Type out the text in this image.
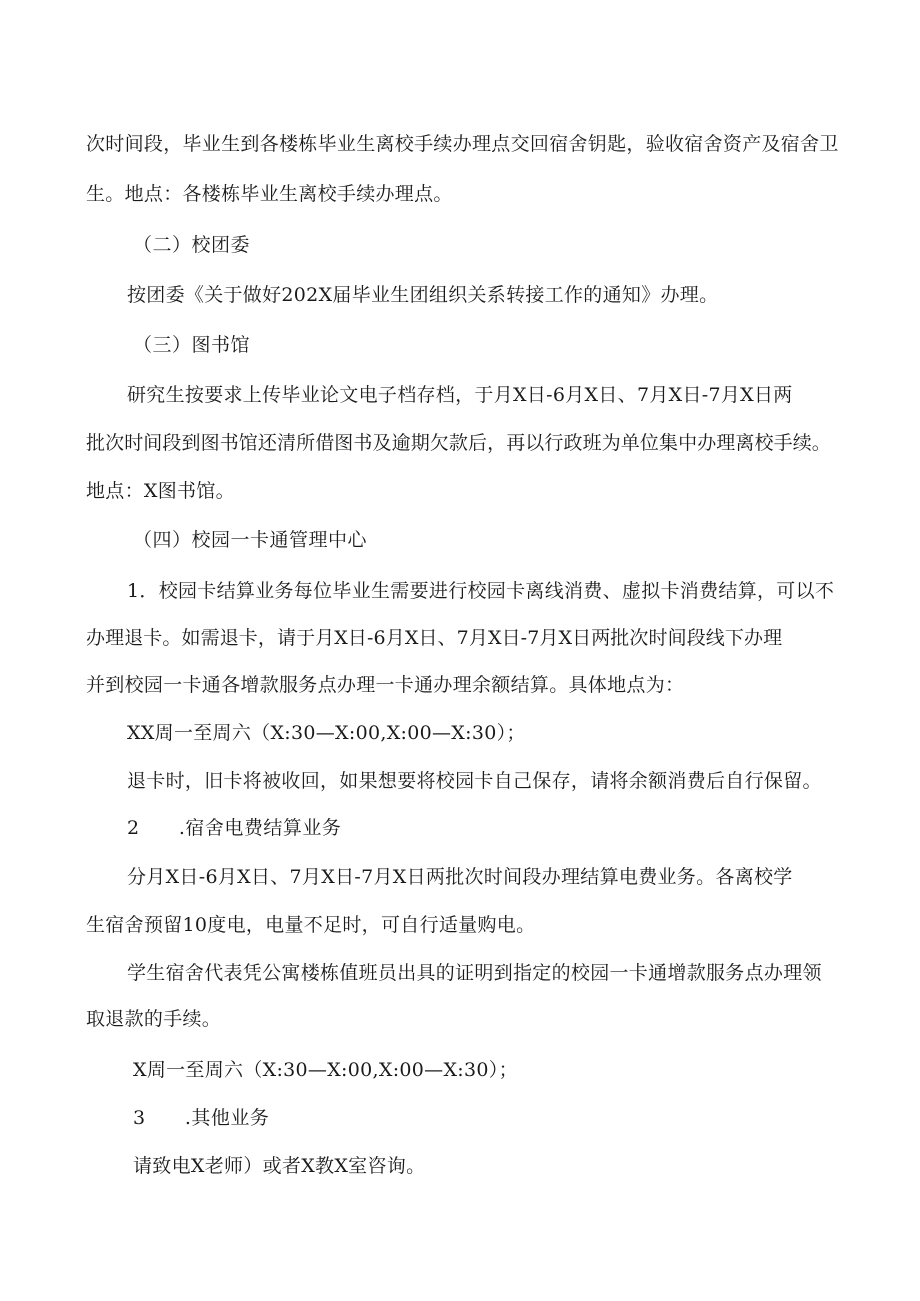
次时间段，毕业生到各楼栋毕业生离校手续办理点交回宿舍钥匙，验收宿舍资产及宿舍卫
生。地点：各楼栋毕业生离校手续办理点。
（二）校团委
按团委《关于做好202X届毕业生团组织关系转接工作的通知》办理。
（三）图书馆
研究生按要求上传毕业论文电子档存档，于月X日-6月X日、7月X日-7月X日两
批次时间段到图书馆还清所借图书及逾期欠款后，再以行政班为单位集中办理离校手续。
地点：X图书馆。
（四）校园一卡通管理中心
1．校园卡结算业务每位毕业生需要进行校园卡离线消费、虚拟卡消费结算，可以不
办理退卡。如需退卡，请于月X日-6月X日、7月X日-7月X日两批次时间段线下办理
并到校园一卡通各增款服务点办理一卡通办理余额结算。具体地点为：
XX周一至周六（X:30—X:00,X:00—X:30）；
退卡时，旧卡将被收回，如果想要将校园卡自己保存，请将余额消费后自行保留。
2      .宿舍电费结算业务
分月X日-6月X日、7月X日-7月X日两批次时间段办理结算电费业务。各离校学
生宿舍预留10度电，电量不足时，可自行适量购电。
学生宿舍代表凭公寓楼栋值班员出具的证明到指定的校园一卡通增款服务点办理领
取退款的手续。
X周一至周六（X:30—X:00,X:00—X:30）；
3      .其他业务
请致电X老师）或者X教X室咨询。
